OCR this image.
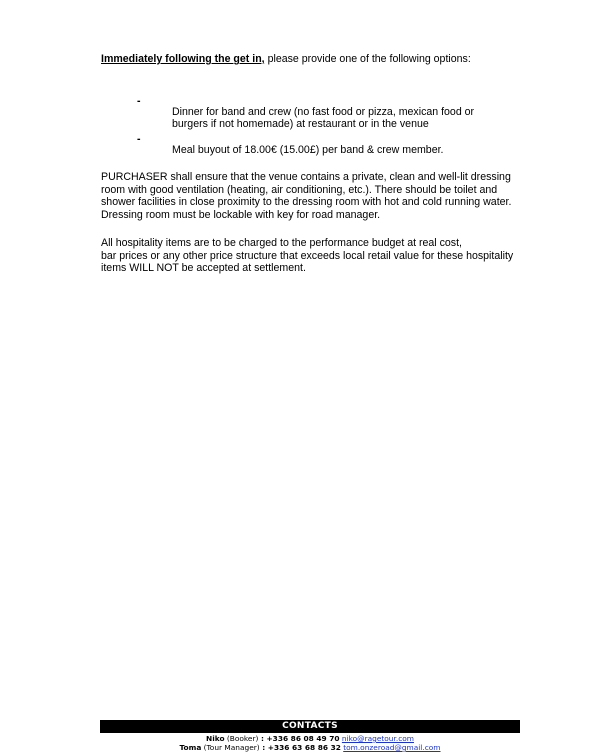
Immediately following the get in, please provide one of the following options:

-

Dinner for band and crew (no fast food or pizza, mexican food or burgers if not homemade) at restaurant or in the venue

-

Meal buyout of 18.00€ (15.00£) per band & crew member.

PURCHASER shall ensure that the venue contains a private, clean and well-lit dressing room with good ventilation (heating, air conditioning, etc.). There should be toilet and shower facilities in close proximity to the dressing room with hot and cold running water. Dressing room must be lockable with key for road manager.

All hospitality items are to be charged to the performance budget at real cost,
bar prices or any other price structure that exceeds local retail value for these hospitality items WILL NOT be accepted at settlement.

CONTACTS
Niko (Booker) : +336 86 08 49 70 niko@ragetour.com
Toma (Tour Manager) : +336 63 68 86 32 tom.onzeroad@gmail.com
